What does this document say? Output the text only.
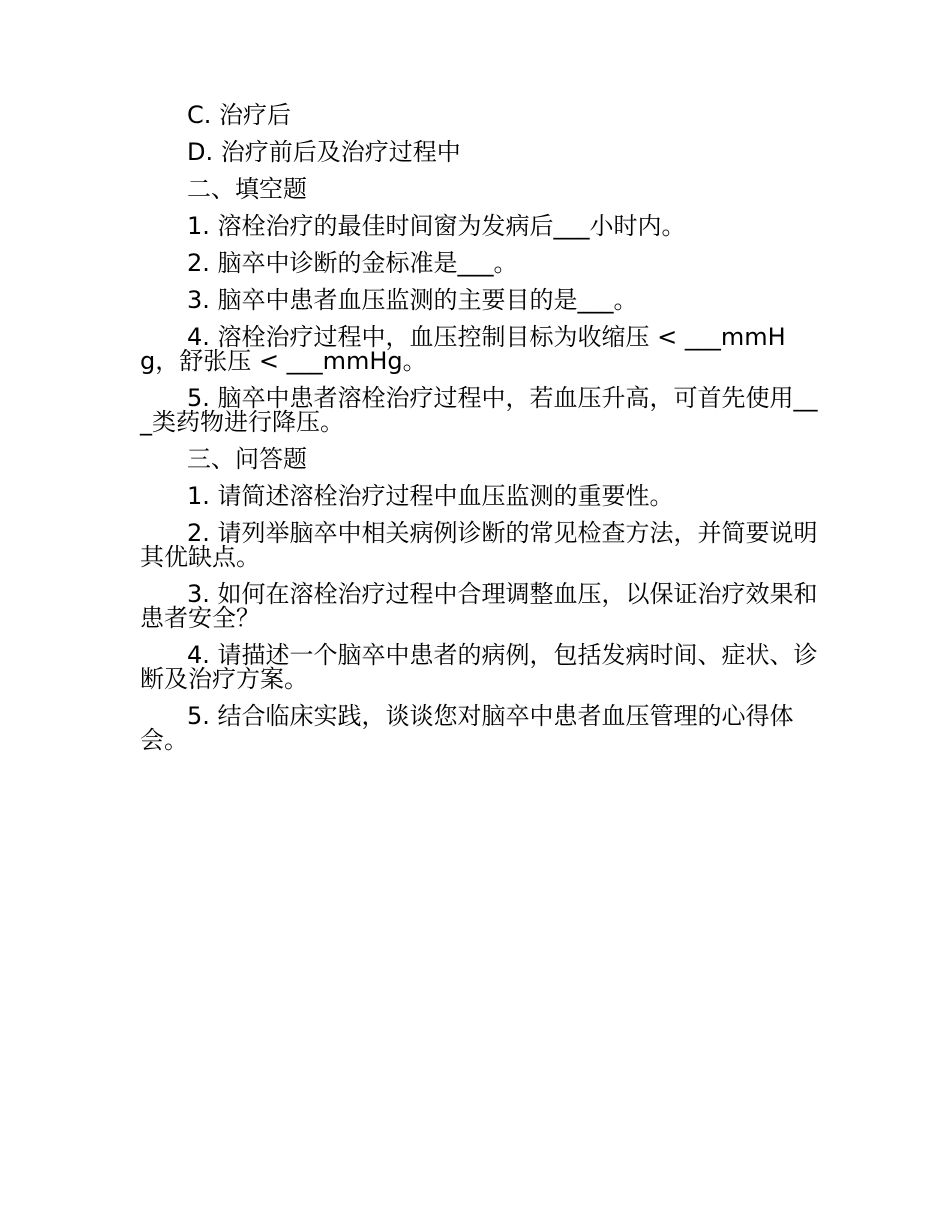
C. 治疗后

D. 治疗前后及治疗过程中

二、填空题

1. 溶栓治疗的最佳时间窗为发病后___小时内。

2. 脑卒中诊断的金标准是___。

3. 脑卒中患者血压监测的主要目的是___。

4. 溶栓治疗过程中，血压控制目标为收缩压 < ___mmHg，舒张压 < ___mmHg。

5. 脑卒中患者溶栓治疗过程中，若血压升高，可首先使用___类药物进行降压。

三、问答题

1. 请简述溶栓治疗过程中血压监测的重要性。

2. 请列举脑卒中相关病例诊断的常见检查方法，并简要说明其优缺点。

3. 如何在溶栓治疗过程中合理调整血压，以保证治疗效果和患者安全？

4. 请描述一个脑卒中患者的病例，包括发病时间、症状、诊断及治疗方案。

5. 结合临床实践，谈谈您对脑卒中患者血压管理的心得体会。
